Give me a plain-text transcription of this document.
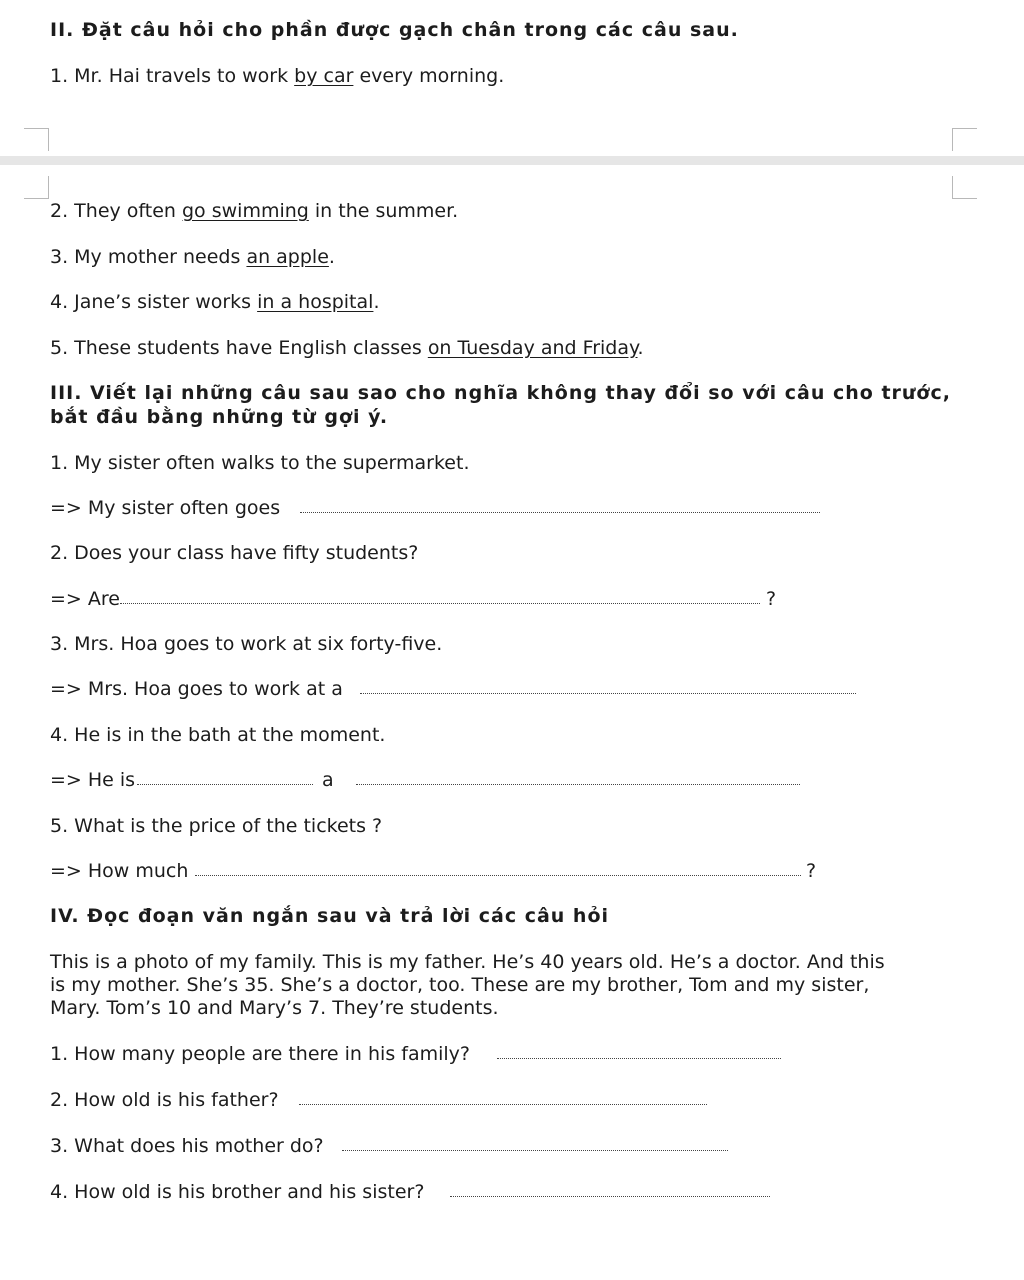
II. Đặt câu hỏi cho phần được gạch chân trong các câu sau.
1. Mr. Hai travels to work by car every morning.
2. They often go swimming in the summer.
3. My mother needs an apple.
4. Jane’s sister works in a hospital.
5. These students have English classes on Tuesday and Friday.
III. Viết lại những câu sau sao cho nghĩa không thay đổi so với câu cho trước,
bắt đầu bằng những từ gợi ý.
1. My sister often walks to the supermarket.
=> My sister often goes
2. Does your class have fifty students?
=> Are	?
3. Mrs. Hoa goes to work at six forty-five.
=> Mrs. Hoa goes to work at a
4. He is in the bath at the moment.
=> He is	a
5. What is the price of the tickets ?
=> How much	?
IV. Đọc đoạn văn ngắn sau và trả lời các câu hỏi
This is a photo of my family. This is my father. He’s 40 years old. He’s a doctor. And this
is my mother. She’s 35. She’s a doctor, too. These are my brother, Tom and my sister,
Mary. Tom’s 10 and Mary’s 7. They’re students.
1. How many people are there in his family?
2. How old is his father?
3. What does his mother do?
4. How old is his brother and his sister?
